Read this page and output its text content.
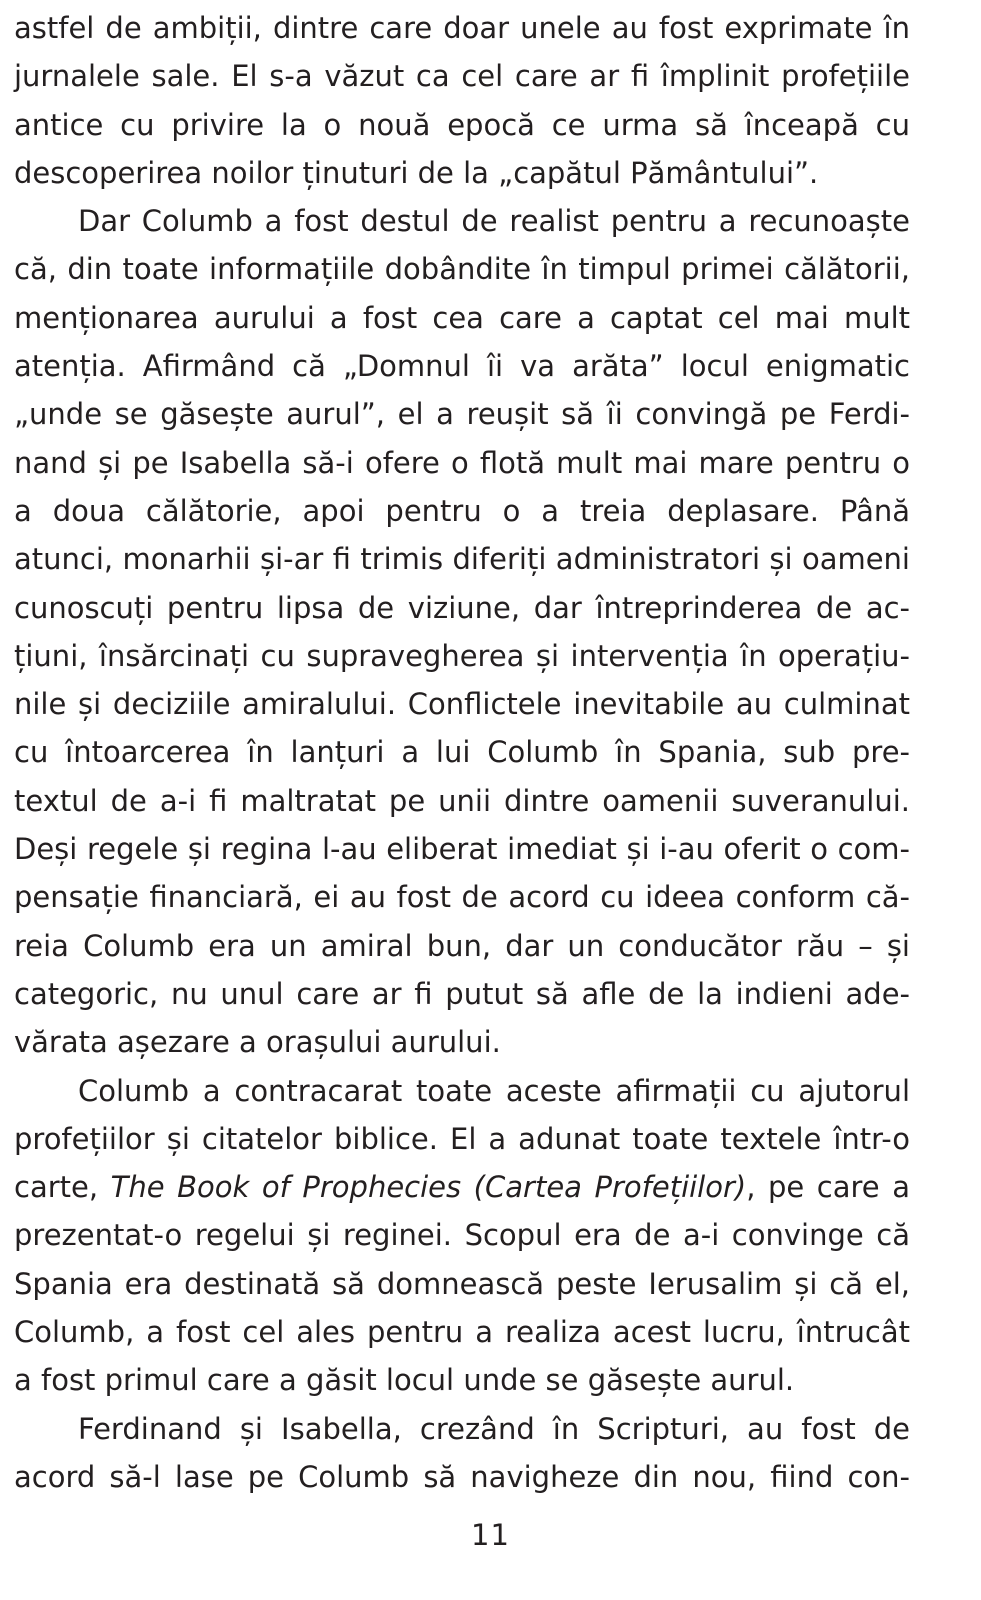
astfel de ambiții, dintre care doar unele au fost exprimate în
jurnalele sale. El s-a văzut ca cel care ar fi împlinit profețiile
antice cu privire la o nouă epocă ce urma să înceapă cu
descoperirea noilor ținuturi de la „capătul Pământului”.
Dar Columb a fost destul de realist pentru a recunoaște
că, din toate informațiile dobândite în timpul primei călătorii,
menționarea aurului a fost cea care a captat cel mai mult
atenția. Afirmând că „Domnul îi va arăta” locul enigmatic
„unde se găsește aurul”, el a reușit să îi convingă pe Ferdi-
nand și pe Isabella să-i ofere o flotă mult mai mare pentru o
a doua călătorie, apoi pentru o a treia deplasare. Până
atunci, monarhii și-ar fi trimis diferiți administratori și oameni
cunoscuți pentru lipsa de viziune, dar întreprinderea de ac-
țiuni, însărcinați cu supravegherea și intervenția în operațiu-
nile și deciziile amiralului. Conflictele inevitabile au culminat
cu întoarcerea în lanțuri a lui Columb în Spania, sub pre-
textul de a-i fi maltratat pe unii dintre oamenii suveranului.
Deși regele și regina l-au eliberat imediat și i-au oferit o com-
pensație financiară, ei au fost de acord cu ideea conform că-
reia Columb era un amiral bun, dar un conducător rău – și
categoric, nu unul care ar fi putut să afle de la indieni ade-
vărata așezare a orașului aurului.
Columb a contracarat toate aceste afirmații cu ajutorul
profețiilor și citatelor biblice. El a adunat toate textele într-o
carte, The Book of Prophecies (Cartea Profețiilor), pe care a
prezentat-o regelui și reginei. Scopul era de a-i convinge că
Spania era destinată să domnească peste Ierusalim și că el,
Columb, a fost cel ales pentru a realiza acest lucru, întrucât
a fost primul care a găsit locul unde se găsește aurul.
Ferdinand și Isabella, crezând în Scripturi, au fost de
acord să-l lase pe Columb să navigheze din nou, fiind con-
11
